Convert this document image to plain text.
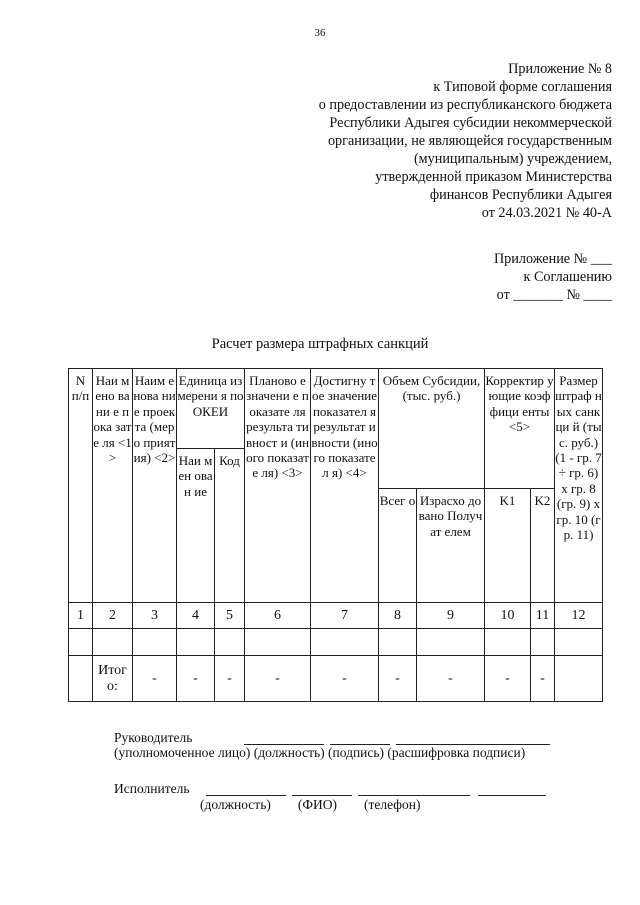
36
Приложение № 8
к Типовой форме соглашения
о предоставлении из республиканского бюджета
Республики Адыгея субсидии некоммерческой
организации, не являющейся государственным
(муниципальным) учреждением,
утвержденной приказом Министерства
финансов Республики Адыгея
от 24.03.2021 № 40-А
Приложение № ___
к Соглашению
от _______ № ____
Расчет размера штрафных санкций
N п/п	Наи мено вани е пока зате ля <1>	Наим енова ние проек та (меро прият ия) <2>	Единица измерени я по ОКЕИ		Планово е значени е показате ля результа тивност и (иного показате ля) <3>	Достигну тое значение показател я результат ивности (иного показател я) <4>	Объем Субсидии, (тыс. руб.)		Корректир ующие коэффици енты <5>		Размер штраф ных санкци й (тыс. руб.) (1 - гр. 7 ÷ гр. 6) x гр. 8 (гр. 9) x гр. 10 (гр. 11)
			Наи мен ован ие	Код							
							Всег о	Израсхо довано Получат елем	K1	K2	
1	2	3	4	5	6	7	8	9	10	11	12

	Итог о:	-	-	-	-	-	-	-	-	-	
Руководитель
(уполномоченное лицо) (должность) (подпись) (расшифровка подписи)
Исполнитель
(должность)        (ФИО)        (телефон)
